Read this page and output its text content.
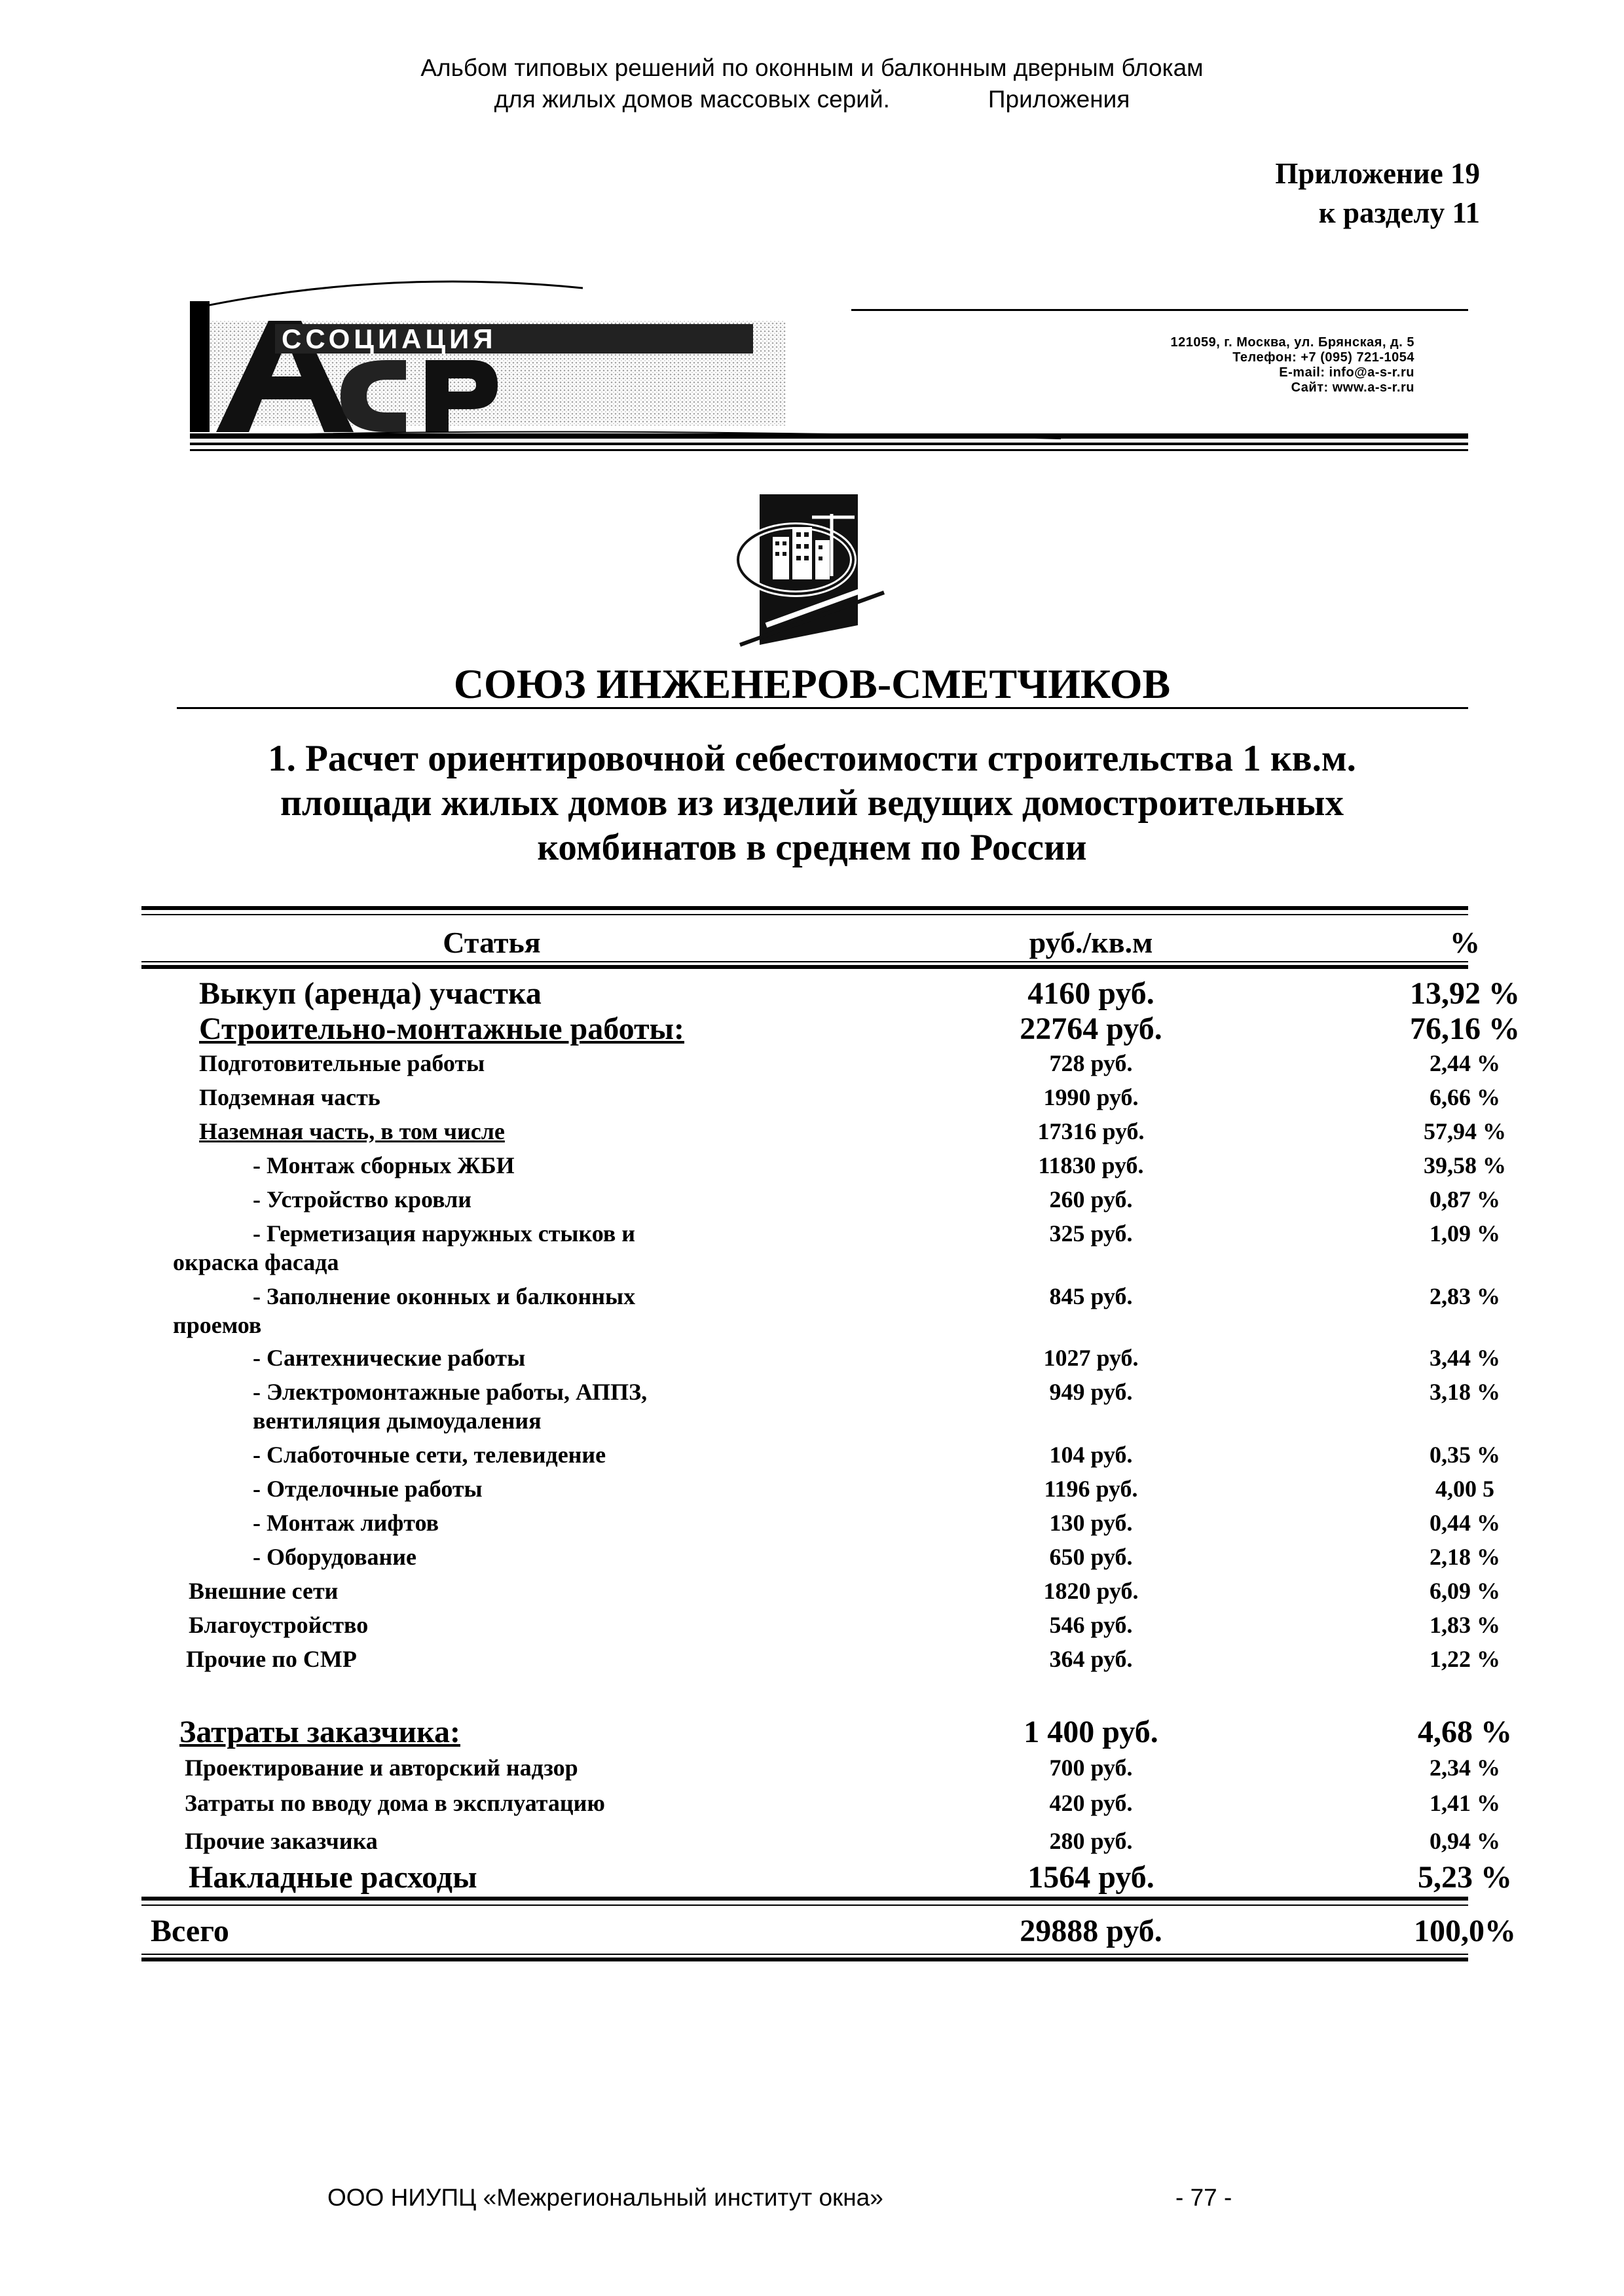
Альбом типовых решений по оконным и балконным дверным блокам
для жилых домов массовых серий.	Приложения
Приложение 19
к разделу 11
ССОЦИАЦИЯ	121059, г. Москва, ул. Брянская, д. 5
Телефон: +7 (095) 721-1054
E-mail: info@a-s-r.ru
Сайт: www.a-s-r.ru
СОЮЗ ИНЖЕНЕРОВ-СМЕТЧИКОВ
1. Расчет ориентировочной себестоимости строительства 1 кв.м.
площади жилых домов из изделий ведущих домостроительных
комбинатов в среднем по России
Статья	руб./кв.м	%
Выкуп (аренда) участка	4160 руб.	13,92 %
Строительно-монтажные работы:	22764 руб.	76,16 %
Подготовительные работы	728 руб.	2,44 %
Подземная часть	1990 руб.	6,66 %
Наземная часть, в том числе	17316 руб.	57,94 %
- Монтаж сборных ЖБИ	11830 руб.	39,58 %
- Устройство кровли	260 руб.	0,87 %
- Герметизация наружных стыков и
окраска фасада
325 руб.	1,09 %
- Заполнение оконных и балконных
проемов
845 руб.	2,83 %
- Сантехнические работы	1027 руб.	3,44 %
- Электромонтажные работы, АППЗ,
вентиляция дымоудаления
949 руб.	3,18 %
- Слаботочные сети, телевидение	104 руб.	0,35 %
- Отделочные работы	1196 руб.	4,00 5
- Монтаж лифтов	130 руб.	0,44 %
- Оборудование	650 руб.	2,18 %
Внешние сети	1820 руб.	6,09 %
Благоустройство	546 руб.	1,83 %
Прочие по СМР	364 руб.	1,22 %
Затраты заказчика:	1 400 руб.	4,68 %
Проектирование и авторский надзор	700 руб.	2,34 %
Затраты по вводу дома в эксплуатацию	420 руб.	1,41 %
Прочие заказчика	280 руб.	0,94 %
Накладные расходы	1564 руб.	5,23 %
Всего	29888 руб.	100,0%
ООО НИУПЦ «Межрегиональный институт окна»	- 77 -
